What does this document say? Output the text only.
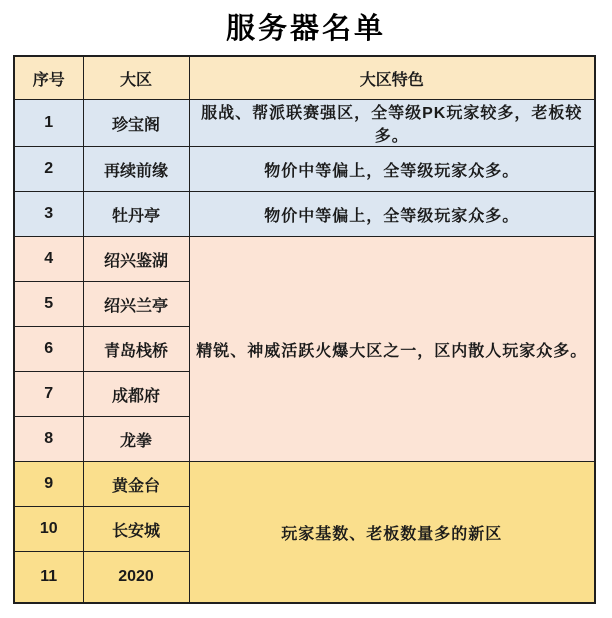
服务器名单
序号	大区	大区特色
1	珍宝阁	服战、帮派联赛强区，全等级PK玩家较多，老板较多。
2	再续前缘	物价中等偏上，全等级玩家众多。
3	牡丹亭	物价中等偏上，全等级玩家众多。
4	绍兴鉴湖	精锐、神威活跃火爆大区之一，区内散人玩家众多。
5	绍兴兰亭	
6	青岛栈桥	
7	成都府	
8	龙拳	
9	黄金台	玩家基数、老板数量多的新区
10	长安城	
11	2020	
